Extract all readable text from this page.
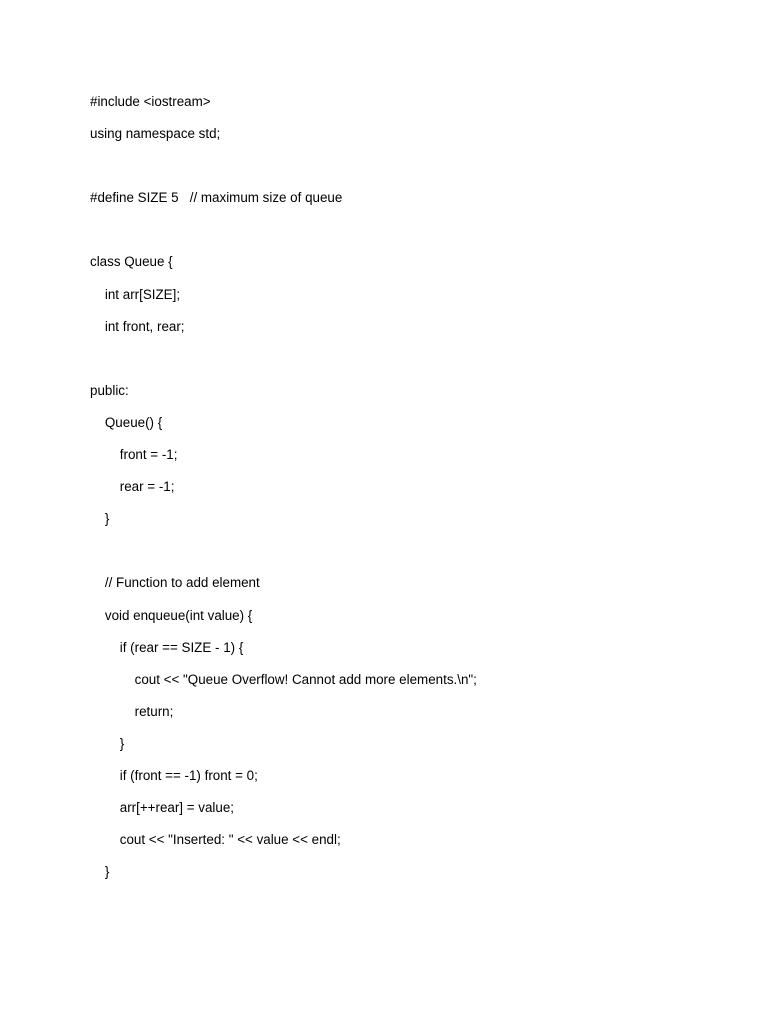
#include <iostream>
using namespace std;
#define SIZE 5   // maximum size of queue
class Queue {
int arr[SIZE];
int front, rear;
public:
Queue() {
front = -1;
rear = -1;
}
// Function to add element
void enqueue(int value) {
if (rear == SIZE - 1) {
cout << "Queue Overflow! Cannot add more elements.\n";
return;
}
if (front == -1) front = 0;
arr[++rear] = value;
cout << "Inserted: " << value << endl;
}
